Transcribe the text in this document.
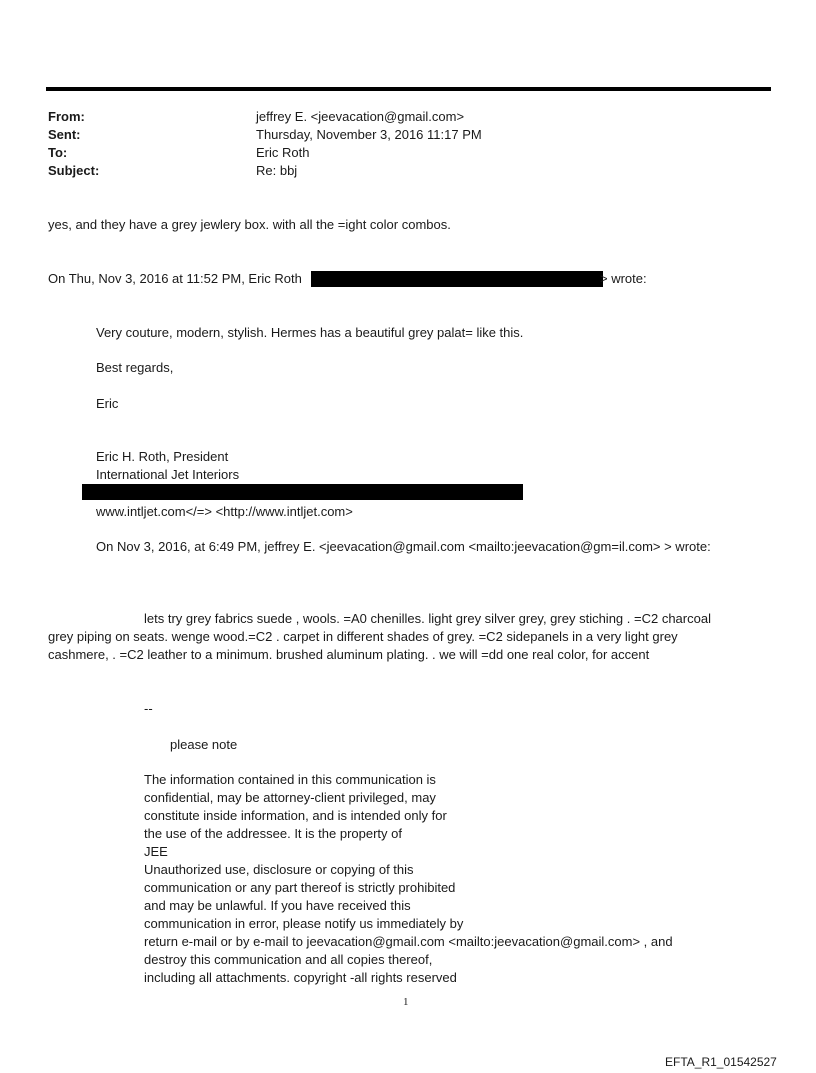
From:	jeffrey E. <jeevacation@gmail.com>
Sent:	Thursday, November 3, 2016 11:17 PM
To:	Eric Roth
Subject:	Re: bbj
yes, and they have a grey jewlery box. with all the =ight color combos.
On Thu, Nov 3, 2016 at 11:52 PM, Eric Roth	> wrote:
Very couture, modern, stylish. Hermes has a beautiful grey palat= like this.
Best regards,
Eric
Eric H. Roth, President
International Jet Interiors
www.intljet.com</=> <http://www.intljet.com>
On Nov 3, 2016, at 6:49 PM, jeffrey E. <jeevacation@gmail.com <mailto:jeevacation@gm=il.com> > wrote:
lets try grey fabrics suede , wools. =A0 chenilles. light grey silver grey, grey stiching . =C2 charcoal
grey piping on seats. wenge wood.=C2 . carpet in different shades of grey. =C2 sidepanels in a very light grey
cashmere, . =C2 leather to a minimum. brushed aluminum plating. . we will =dd one real color, for accent
--
please note
The information contained in this communication is
confidential, may be attorney-client privileged, may
constitute inside information, and is intended only for
the use of the addressee. It is the property of
JEE
Unauthorized use, disclosure or copying of this
communication or any part thereof is strictly prohibited
and may be unlawful. If you have received this
communication in error, please notify us immediately by
return e-mail or by e-mail to jeevacation@gmail.com <mailto:jeevacation@gmail.com> , and
destroy this communication and all copies thereof,
including all attachments. copyright -all rights reserved
1
EFTA_R1_01542527
